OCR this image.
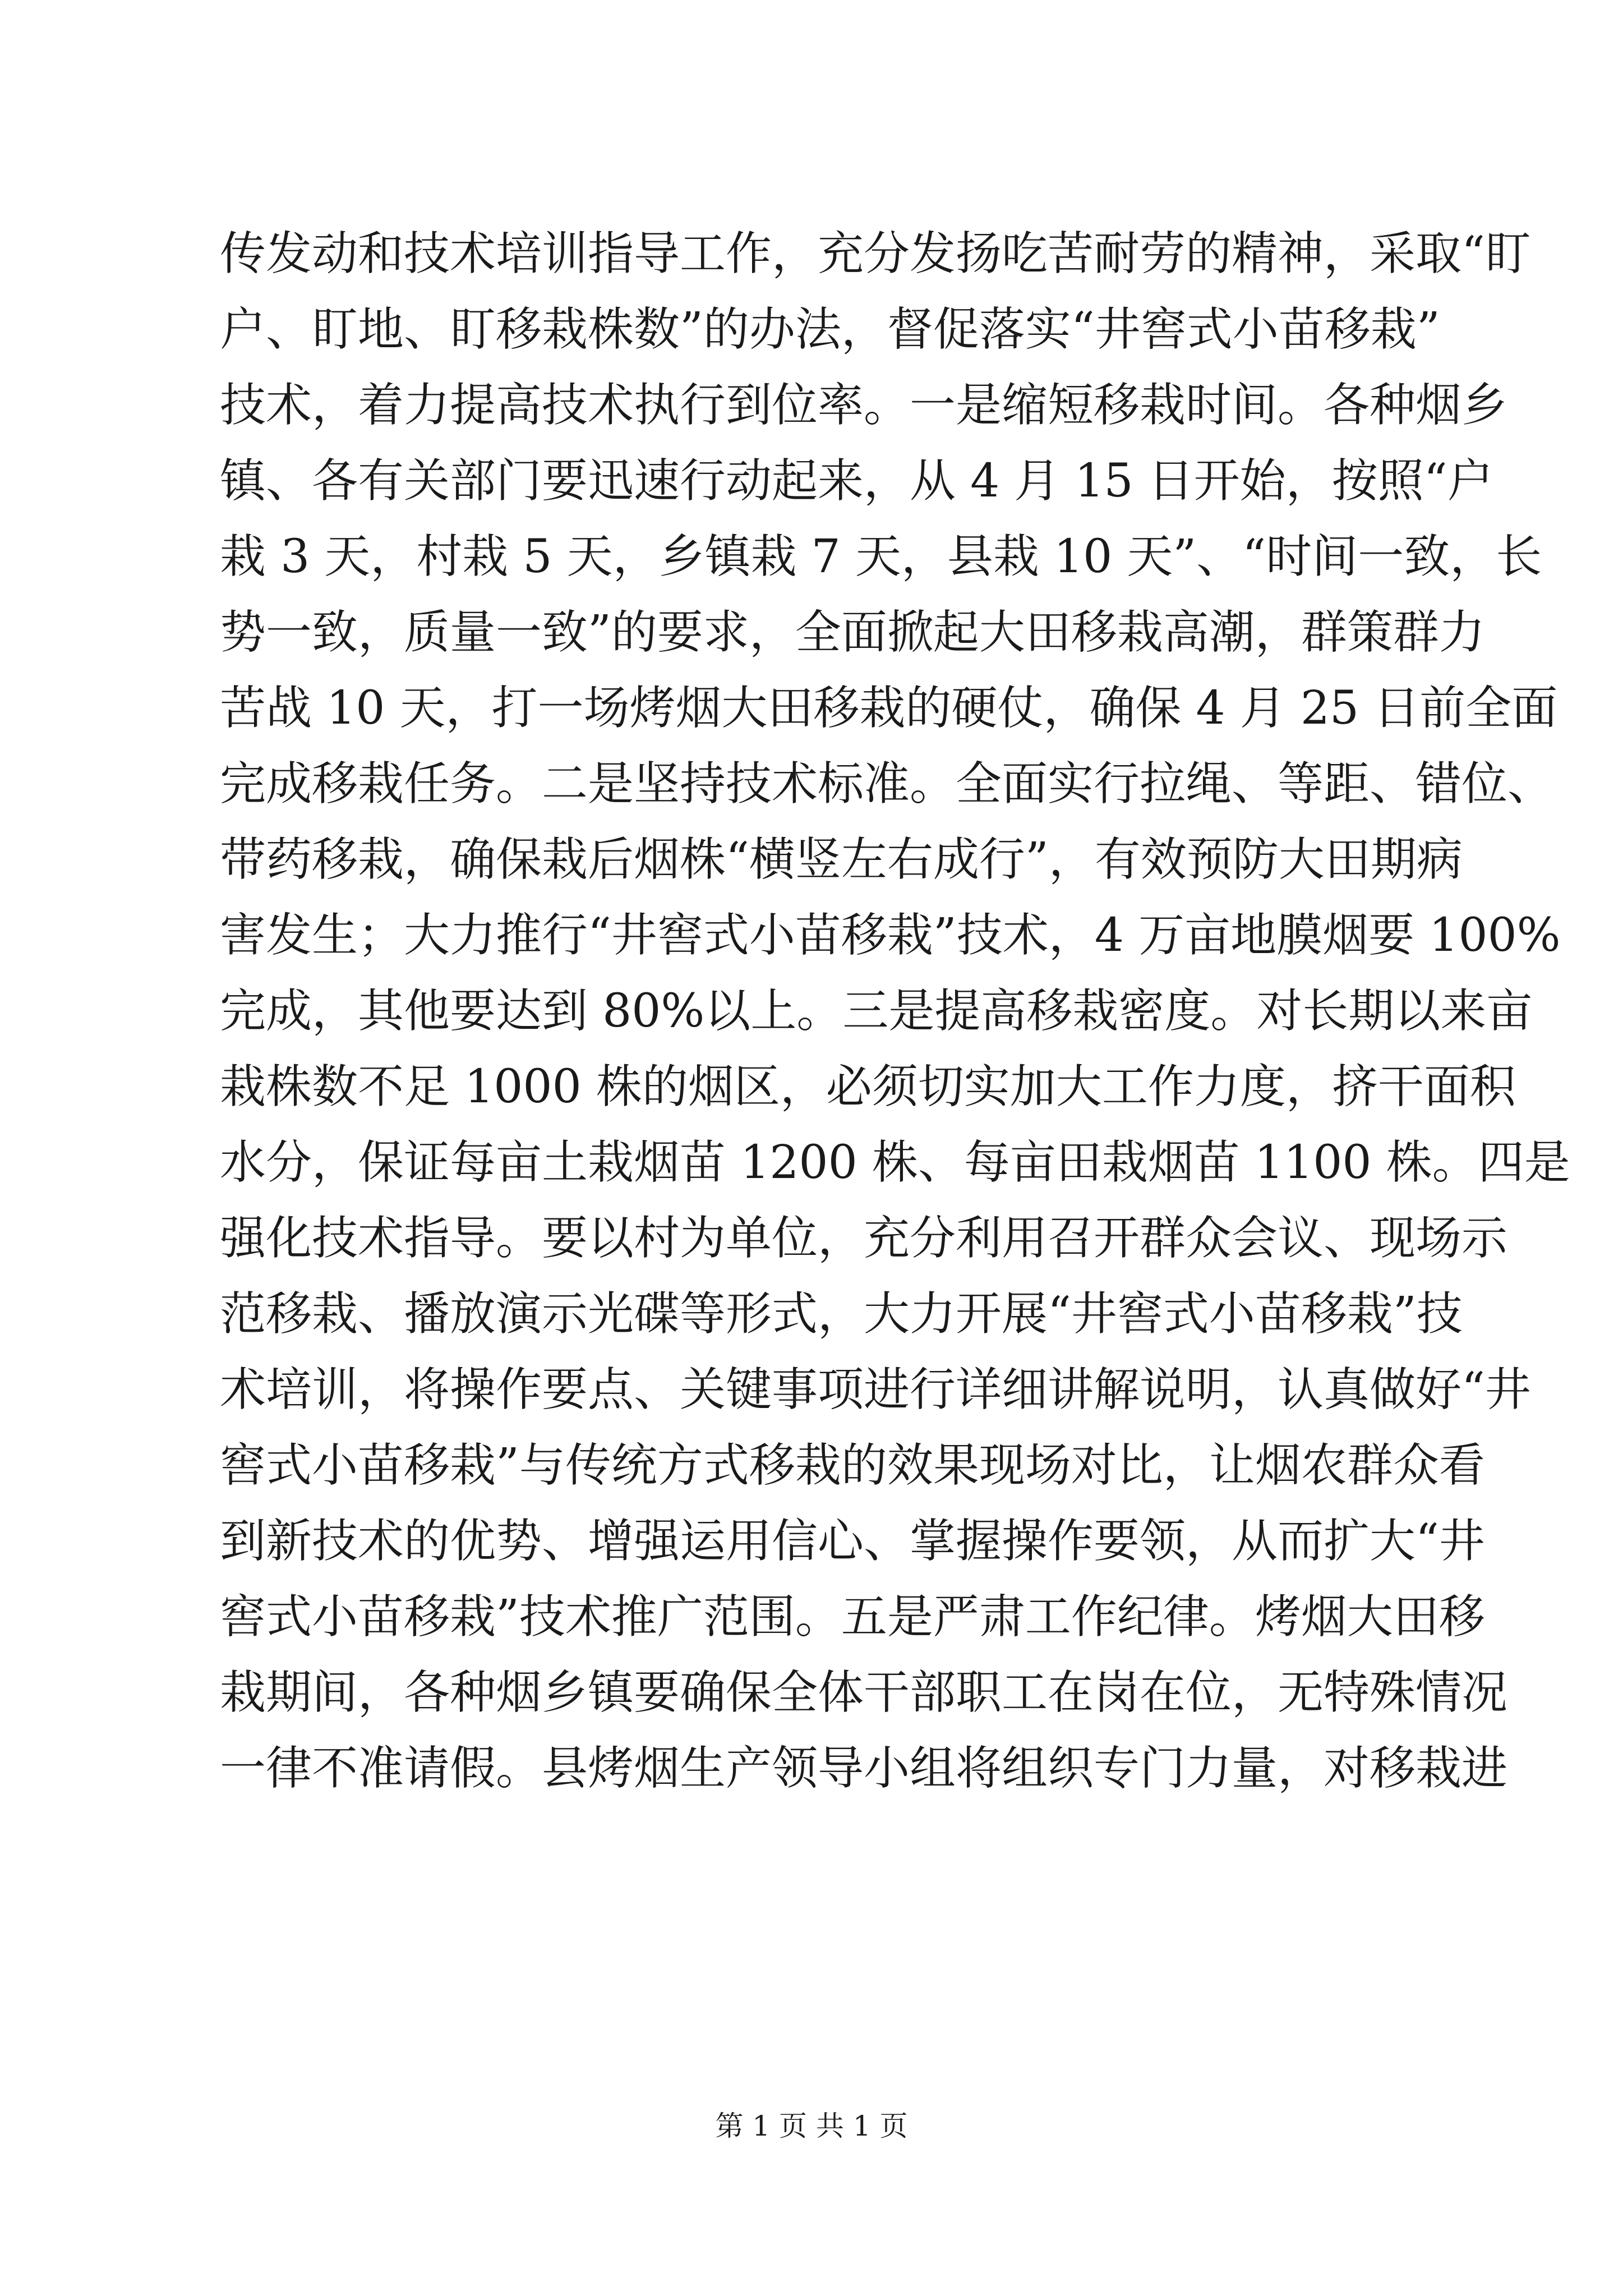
传发动和技术培训指导工作，充分发扬吃苦耐劳的精神，采取“盯
户、盯地、盯移栽株数”的办法，督促落实“井窖式小苗移栽”
技术，着力提高技术执行到位率。一是缩短移栽时间。各种烟乡
镇、各有关部门要迅速行动起来，从 4 月 15 日开始，按照“户
栽 3 天，村栽 5 天，乡镇栽 7 天，县栽 10 天”、“时间一致，长
势一致，质量一致”的要求，全面掀起大田移栽高潮，群策群力
苦战 10 天，打一场烤烟大田移栽的硬仗，确保 4 月 25 日前全面
完成移栽任务。二是坚持技术标准。全面实行拉绳、等距、错位、
带药移栽，确保栽后烟株“横竖左右成行”，有效预防大田期病
害发生；大力推行“井窖式小苗移栽”技术，4 万亩地膜烟要 100%
完成，其他要达到 80%以上。三是提高移栽密度。对长期以来亩
栽株数不足 1000 株的烟区，必须切实加大工作力度，挤干面积
水分，保证每亩土栽烟苗 1200 株、每亩田栽烟苗 1100 株。四是
强化技术指导。要以村为单位，充分利用召开群众会议、现场示
范移栽、播放演示光碟等形式，大力开展“井窖式小苗移栽”技
术培训，将操作要点、关键事项进行详细讲解说明，认真做好“井
窖式小苗移栽”与传统方式移栽的效果现场对比，让烟农群众看
到新技术的优势、增强运用信心、掌握操作要领，从而扩大“井
窖式小苗移栽”技术推广范围。五是严肃工作纪律。烤烟大田移
栽期间，各种烟乡镇要确保全体干部职工在岗在位，无特殊情况
一律不准请假。县烤烟生产领导小组将组织专门力量，对移栽进
第 1 页 共 1 页
